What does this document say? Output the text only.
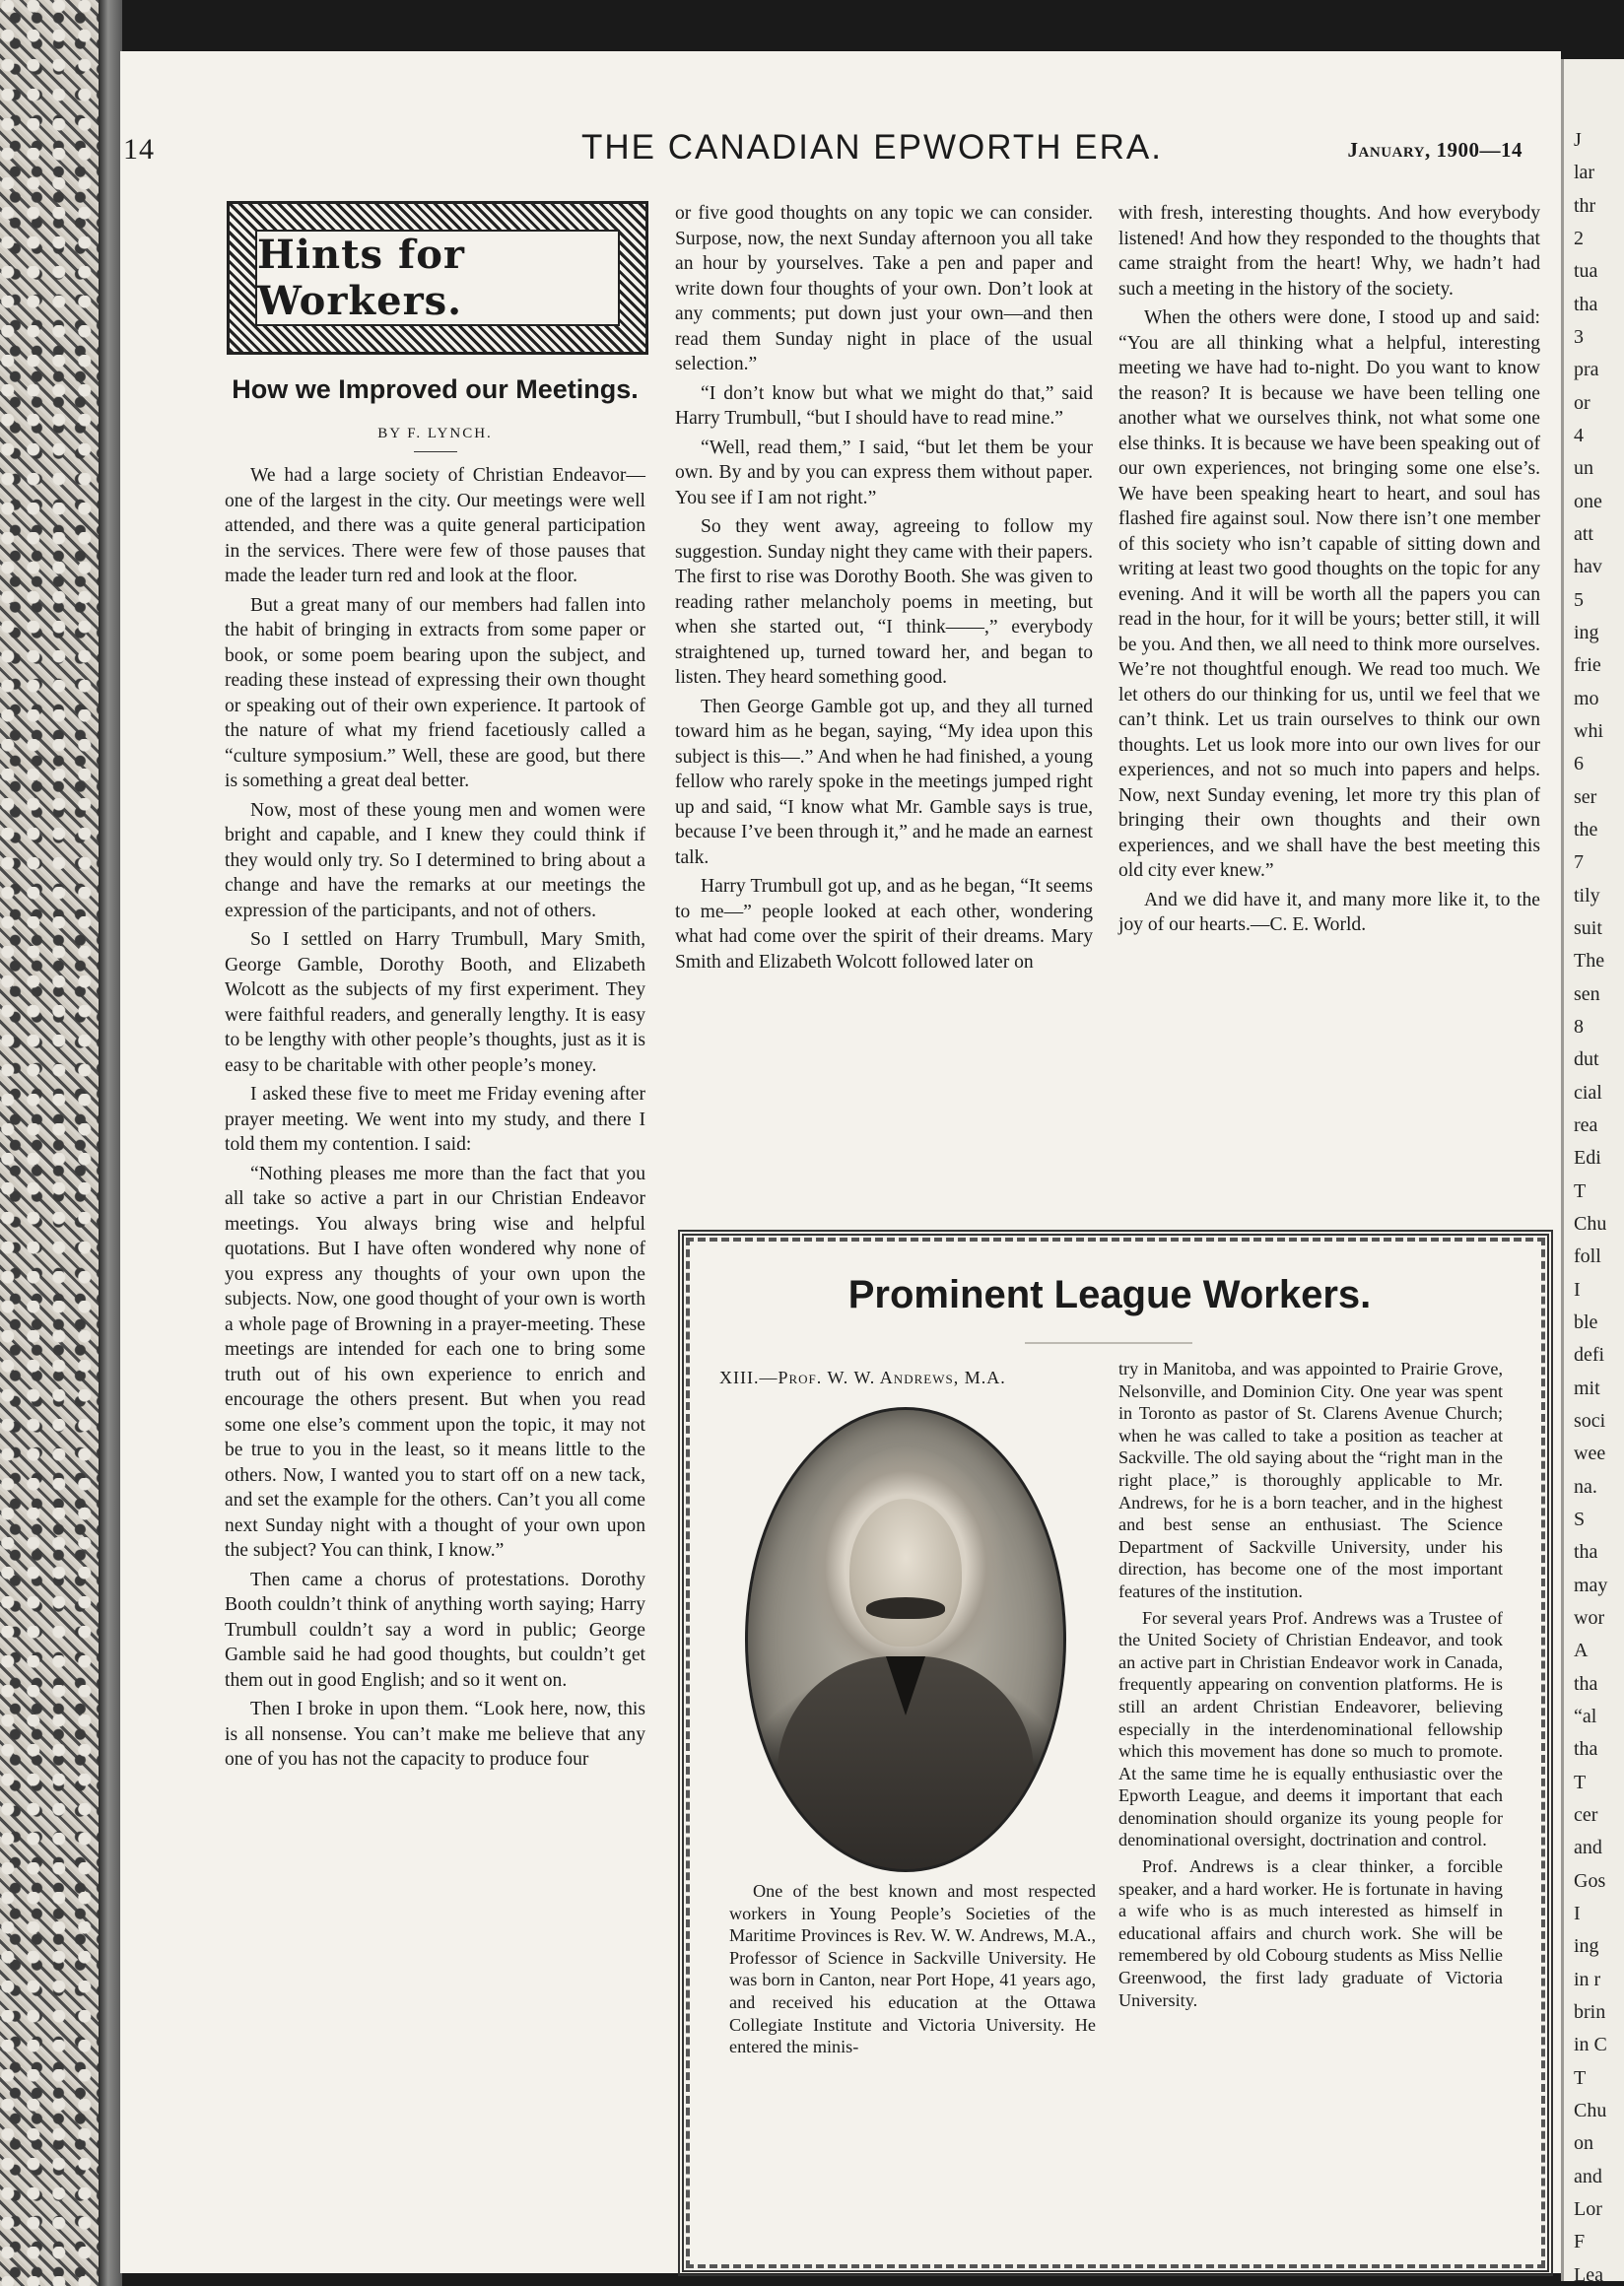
J
lar
thr
2
tua
tha
3
pra
or
4
un
one
att
hav
5
ing
frie
mo
whi
6
ser
the
7
tily
suit
The
sen
8
dut
cial
rea
Edi
T
Chu
foll
I
ble
defi
mit
soci
wee
na.
S
tha
may
wor
A
tha
“al
tha
T
cer
and
Gos
I
ing
in r
brin
in C
T
Chu
on
and
Lor
F
Lea
14	THE CANADIAN EPWORTH ERA.	January, 1900—14
Hints for Workers.
How we Improved our Meetings.
BY F. LYNCH.

We had a large society of Christian Endeavor—one of the largest in the city. Our meetings were well attended, and there was a quite general participation in the services. There were few of those pauses that made the leader turn red and look at the floor.

But a great many of our members had fallen into the habit of bringing in extracts from some paper or book, or some poem bearing upon the subject, and reading these instead of expressing their own thought or speaking out of their own experience. It partook of the nature of what my friend facetiously called a “culture symposium.” Well, these are good, but there is something a great deal better.

Now, most of these young men and women were bright and capable, and I knew they could think if they would only try. So I determined to bring about a change and have the remarks at our meetings the expression of the participants, and not of others.

So I settled on Harry Trumbull, Mary Smith, George Gamble, Dorothy Booth, and Elizabeth Wolcott as the subjects of my first experiment. They were faithful readers, and generally lengthy. It is easy to be lengthy with other people’s thoughts, just as it is easy to be charitable with other people’s money.

I asked these five to meet me Friday evening after prayer meeting. We went into my study, and there I told them my contention. I said:

“Nothing pleases me more than the fact that you all take so active a part in our Christian Endeavor meetings. You always bring wise and helpful quotations. But I have often wondered why none of you express any thoughts of your own upon the subjects. Now, one good thought of your own is worth a whole page of Browning in a prayer-meeting. These meetings are intended for each one to bring some truth out of his own experience to enrich and encourage the others present. But when you read some one else’s comment upon the topic, it may not be true to you in the least, so it means little to the others. Now, I wanted you to start off on a new tack, and set the example for the others. Can’t you all come next Sunday night with a thought of your own upon the subject? You can think, I know.”

Then came a chorus of protestations. Dorothy Booth couldn’t think of anything worth saying; Harry Trumbull couldn’t say a word in public; George Gamble said he had good thoughts, but couldn’t get them out in good English; and so it went on.

Then I broke in upon them. “Look here, now, this is all nonsense. You can’t make me believe that any one of you has not the capacity to produce four

or five good thoughts on any topic we can consider. Surpose, now, the next Sunday afternoon you all take an hour by yourselves. Take a pen and paper and write down four thoughts of your own. Don’t look at any comments; put down just your own—and then read them Sunday night in place of the usual selection.”

“I don’t know but what we might do that,” said Harry Trumbull, “but I should have to read mine.”

“Well, read them,” I said, “but let them be your own. By and by you can express them without paper. You see if I am not right.”

So they went away, agreeing to follow my suggestion. Sunday night they came with their papers. The first to rise was Dorothy Booth. She was given to reading rather melancholy poems in meeting, but when she started out, “I think——,” everybody straightened up, turned toward her, and began to listen. They heard something good.

Then George Gamble got up, and they all turned toward him as he began, saying, “My idea upon this subject is this—.” And when he had finished, a young fellow who rarely spoke in the meetings jumped right up and said, “I know what Mr. Gamble says is true, because I’ve been through it,” and he made an earnest talk.

Harry Trumbull got up, and as he began, “It seems to me—” people looked at each other, wondering what had come over the spirit of their dreams. Mary Smith and Elizabeth Wolcott followed later on

with fresh, interesting thoughts. And how everybody listened! And how they responded to the thoughts that came straight from the heart! Why, we hadn’t had such a meeting in the history of the society.

When the others were done, I stood up and said: “You are all thinking what a helpful, interesting meeting we have had to-night. Do you want to know the reason? It is because we have been telling one another what we ourselves think, not what some one else thinks. It is because we have been speaking out of our own experiences, not bringing some one else’s. We have been speaking heart to heart, and soul has flashed fire against soul. Now there isn’t one member of this society who isn’t capable of sitting down and writing at least two good thoughts on the topic for any evening. And it will be worth all the papers you can read in the hour, for it will be yours; better still, it will be you. And then, we all need to think more ourselves. We’re not thoughtful enough. We read too much. We let others do our thinking for us, until we feel that we can’t think. Let us train ourselves to think our own thoughts. Let us look more into our own lives for our experiences, and not so much into papers and helps. Now, next Sunday evening, let more try this plan of bringing their own thoughts and their own experiences, and we shall have the best meeting this old city ever knew.”

And we did have it, and many more like it, to the joy of our hearts.—C. E. World.

Prominent League Workers.
XIII.—Prof. W. W. Andrews, M.A.

One of the best known and most respected workers in Young People’s Societies of the Maritime Provinces is Rev. W. W. Andrews, M.A., Professor of Science in Sackville University. He was born in Canton, near Port Hope, 41 years ago, and received his education at the Ottawa Collegiate Institute and Victoria University. He entered the minis-

try in Manitoba, and was appointed to Prairie Grove, Nelsonville, and Dominion City. One year was spent in Toronto as pastor of St. Clarens Avenue Church; when he was called to take a position as teacher at Sackville. The old saying about the “right man in the right place,” is thoroughly applicable to Mr. Andrews, for he is a born teacher, and in the highest and best sense an enthusiast. The Science Department of Sackville University, under his direction, has become one of the most important features of the institution.

For several years Prof. Andrews was a Trustee of the United Society of Christian Endeavor, and took an active part in Christian Endeavor work in Canada, frequently appearing on convention platforms. He is still an ardent Christian Endeavorer, believing especially in the interdenominational fellowship which this movement has done so much to promote. At the same time he is equally enthusiastic over the Epworth League, and deems it important that each denomination should organize its young people for denominational oversight, doctrination and control.

Prof. Andrews is a clear thinker, a forcible speaker, and a hard worker. He is fortunate in having a wife who is as much interested as himself in educational affairs and church work. She will be remembered by old Cobourg students as Miss Nellie Greenwood, the first lady graduate of Victoria University.
